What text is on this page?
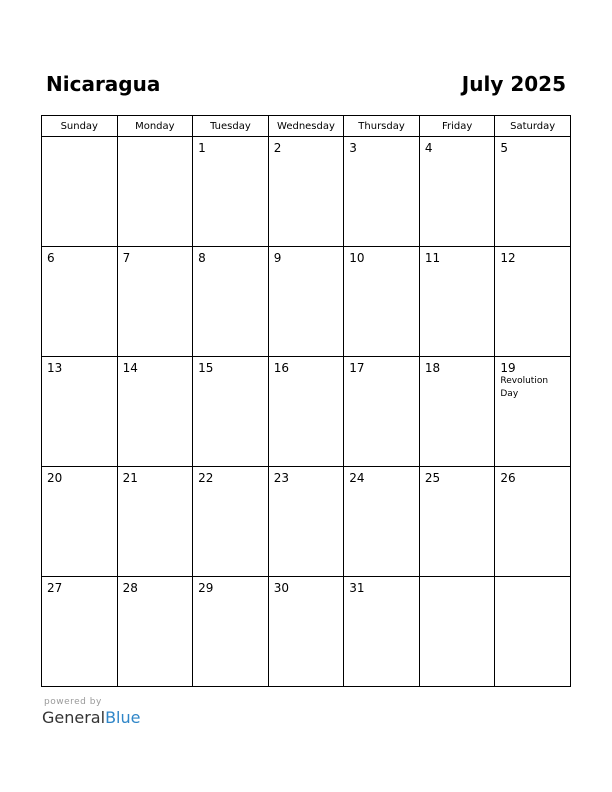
Nicaragua	July 2025
Sunday	Monday	Tuesday	Wednesday	Thursday	Friday	Saturday

		1	2	3	4	5

6	7	8	9	10	11	12

13	14	15	16	17	18	19
Revolution Day

20	21	22	23	24	25	26

27	28	29	30	31		

powered by
GeneralBlue
